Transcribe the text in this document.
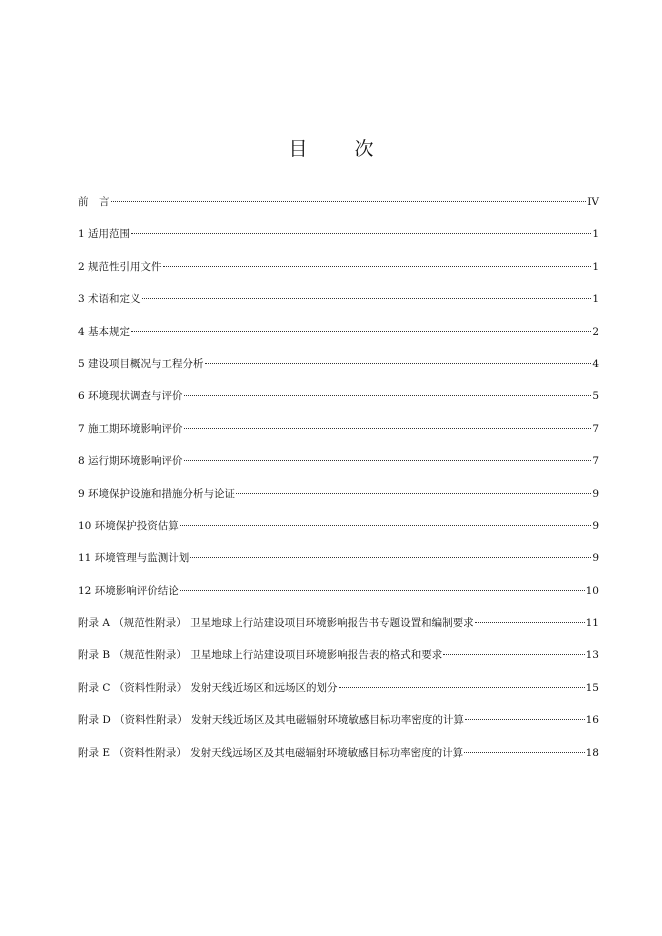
目　次
前　言	IV
1 适用范围	1
2 规范性引用文件	1
3 术语和定义	1
4 基本规定	2
5 建设项目概况与工程分析	4
6 环境现状调查与评价	5
7 施工期环境影响评价	7
8 运行期环境影响评价	7
9 环境保护设施和措施分析与论证	9
10 环境保护投资估算	9
11 环境管理与监测计划	9
12 环境影响评价结论	10
附录 A （规范性附录） 卫星地球上行站建设项目环境影响报告书专题设置和编制要求	11
附录 B （规范性附录） 卫星地球上行站建设项目环境影响报告表的格式和要求	13
附录 C （资料性附录） 发射天线近场区和远场区的划分	15
附录 D （资料性附录） 发射天线近场区及其电磁辐射环境敏感目标功率密度的计算	16
附录 E （资料性附录） 发射天线远场区及其电磁辐射环境敏感目标功率密度的计算	18
